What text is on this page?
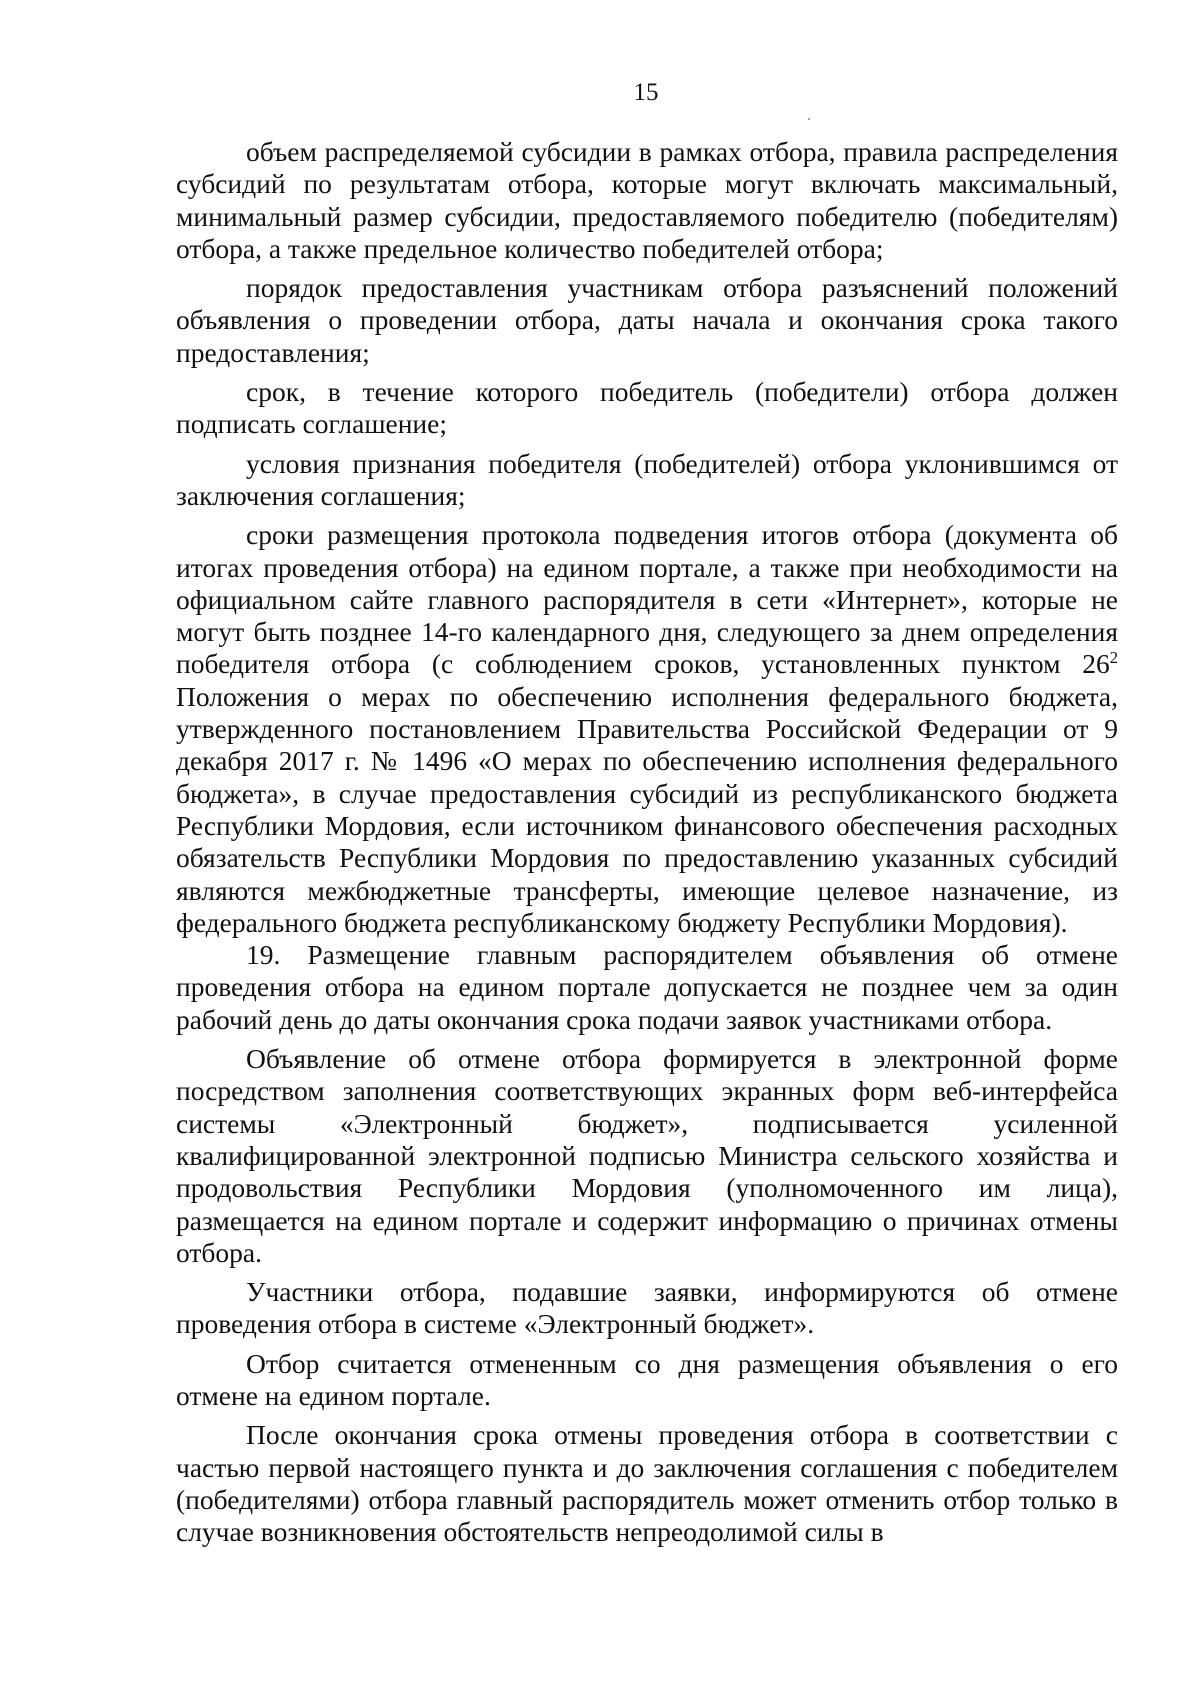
15

объем распределяемой субсидии в рамках отбора, правила распределения субсидий по результатам отбора, которые могут включать максимальный, минимальный размер субсидии, предоставляемого победителю (победителям) отбора, а также предельное количество победителей отбора;

порядок предоставления участникам отбора разъяснений положений объявления о проведении отбора, даты начала и окончания срока такого предоставления;

срок, в течение которого победитель (победители) отбора должен подписать соглашение;

условия признания победителя (победителей) отбора уклонившимся от заключения соглашения;

сроки размещения протокола подведения итогов отбора (документа об итогах проведения отбора) на едином портале, а также при необходимости на официальном сайте главного распорядителя в сети «Интернет», которые не могут быть позднее 14-го календарного дня, следующего за днем определения победителя отбора (с соблюдением сроков, установленных пунктом $26^2$ Положения о мерах по обеспечению исполнения федерального бюджета, утвержденного постановлением Правительства Российской Федерации от 9 декабря 2017 г. № 1496 «О мерах по обеспечению исполнения федерального бюджета», в случае предоставления субсидий из республиканского бюджета Республики Мордовия, если источником финансового обеспечения расходных обязательств Республики Мордовия по предоставлению указанных субсидий являются межбюджетные трансферты, имеющие целевое назначение, из федерального бюджета республиканскому бюджету Республики Мордовия).

19. Размещение главным распорядителем объявления об отмене проведения отбора на едином портале допускается не позднее чем за один рабочий день до даты окончания срока подачи заявок участниками отбора.

Объявление об отмене отбора формируется в электронной форме посредством заполнения соответствующих экранных форм веб-интерфейса системы «Электронный бюджет», подписывается усиленной квалифицированной электронной подписью Министра сельского хозяйства и продовольствия Республики Мордовия (уполномоченного им лица), размещается на едином портале и содержит информацию о причинах отмены отбора.

Участники отбора, подавшие заявки, информируются об отмене проведения отбора в системе «Электронный бюджет».

Отбор считается отмененным со дня размещения объявления о его отмене на едином портале.

После окончания срока отмены проведения отбора в соответствии с частью первой настоящего пункта и до заключения соглашения с победителем (победителями) отбора главный распорядитель может отменить отбор только в случае возникновения обстоятельств непреодолимой силы в
